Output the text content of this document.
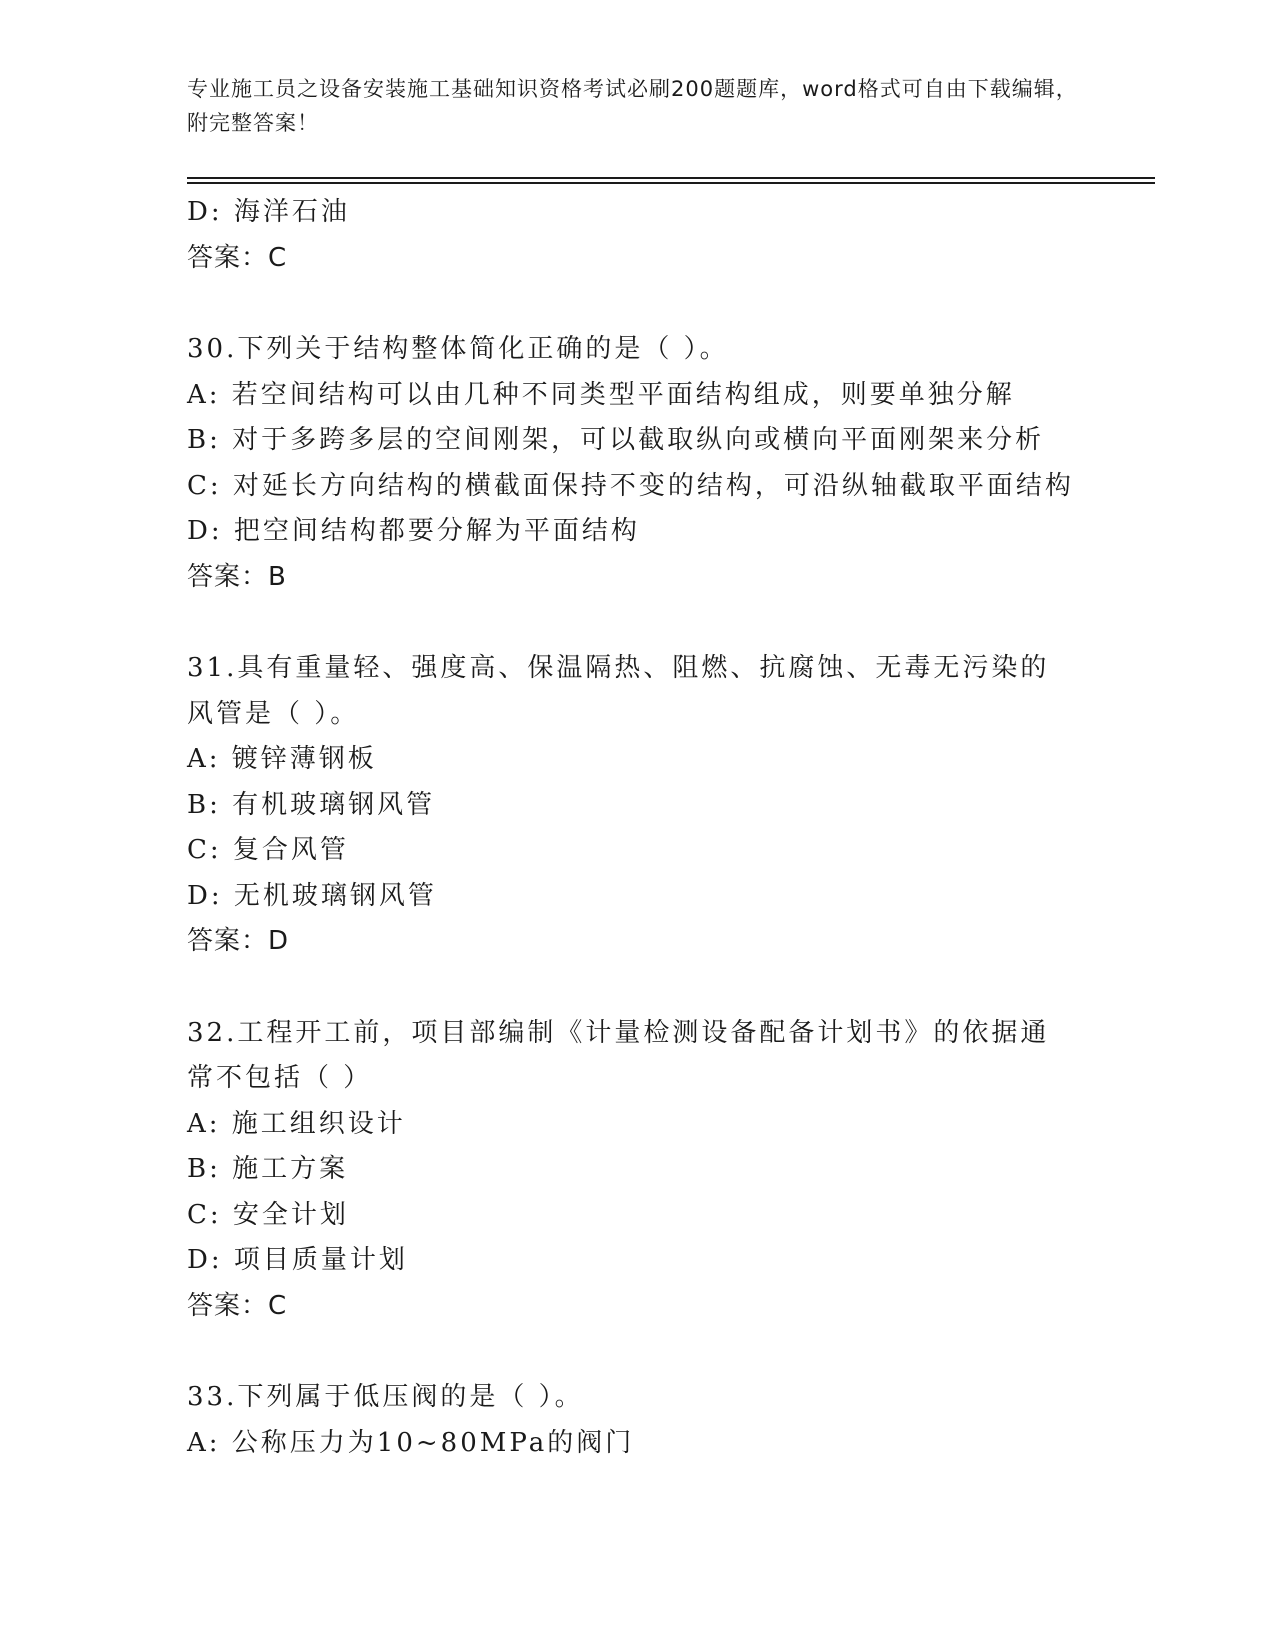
专业施工员之设备安装施工基础知识资格考试必刷200题题库，word格式可自由下载编辑，附完整答案！
D: 海洋石油
答案：C
30.下列关于结构整体简化正确的是（ ）。
A: 若空间结构可以由几种不同类型平面结构组成，则要单独分解
B: 对于多跨多层的空间刚架，可以截取纵向或横向平面刚架来分析
C: 对延长方向结构的横截面保持不变的结构，可沿纵轴截取平面结构
D: 把空间结构都要分解为平面结构
答案：B
31.具有重量轻、强度高、保温隔热、阻燃、抗腐蚀、无毒无污染的风管是（ ）。
A: 镀锌薄钢板
B: 有机玻璃钢风管
C: 复合风管
D: 无机玻璃钢风管
答案：D
32.工程开工前，项目部编制《计量检测设备配备计划书》的依据通常不包括（ ）
A: 施工组织设计
B: 施工方案
C: 安全计划
D: 项目质量计划
答案：C
33.下列属于低压阀的是（ ）。
A: 公称压力为10~80MPa的阀门
